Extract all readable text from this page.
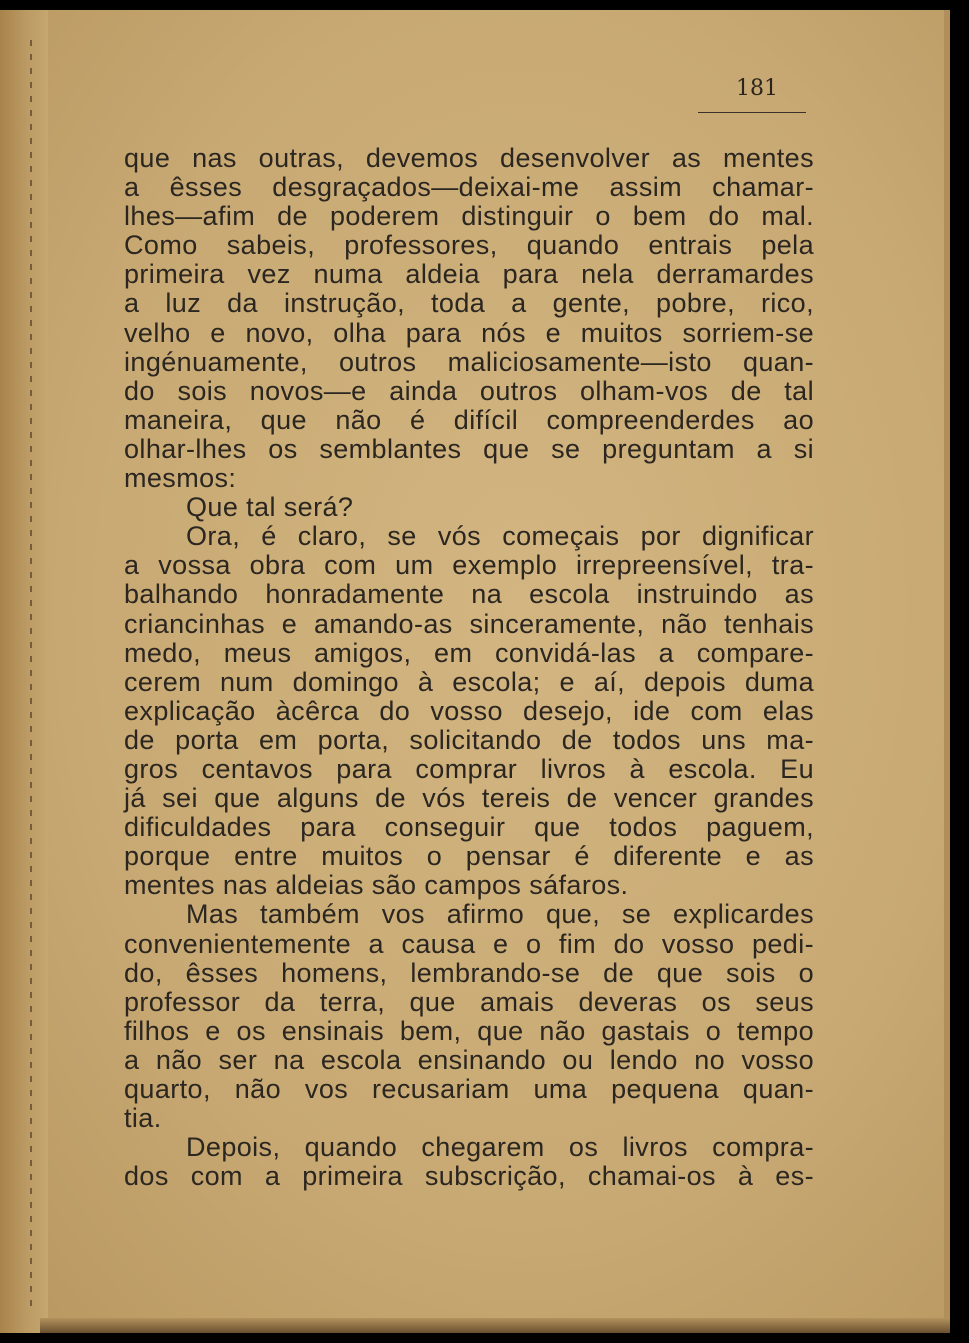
181
que nas outras, devemos desenvolver as mentes
a êsses desgraçados—deixai-me assim chamar-
lhes—afim de poderem distinguir o bem do mal.
Como sabeis, professores, quando entrais pela
primeira vez numa aldeia para nela derramardes
a luz da instrução, toda a gente, pobre, rico,
velho e novo, olha para nós e muitos sorriem-se
ingénuamente, outros maliciosamente—isto quan-
do sois novos—e ainda outros olham-vos de tal
maneira, que não é difícil compreenderdes ao
olhar-lhes os semblantes que se preguntam a si
mesmos:
Que tal será?
Ora, é claro, se vós começais por dignificar
a vossa obra com um exemplo irrepreensível, tra-
balhando honradamente na escola instruindo as
criancinhas e amando-as sinceramente, não tenhais
medo, meus amigos, em convidá-las a compare-
cerem num domingo à escola; e aí, depois duma
explicação àcêrca do vosso desejo, ide com elas
de porta em porta, solicitando de todos uns ma-
gros centavos para comprar livros à escola. Eu
já sei que alguns de vós tereis de vencer grandes
dificuldades para conseguir que todos paguem,
porque entre muitos o pensar é diferente e as
mentes nas aldeias são campos sáfaros.
Mas também vos afirmo que, se explicardes
convenientemente a causa e o fim do vosso pedi-
do, êsses homens, lembrando-se de que sois o
professor da terra, que amais deveras os seus
filhos e os ensinais bem, que não gastais o tempo
a não ser na escola ensinando ou lendo no vosso
quarto, não vos recusariam uma pequena quan-
tia.
Depois, quando chegarem os livros compra-
dos com a primeira subscrição, chamai-os à es-
